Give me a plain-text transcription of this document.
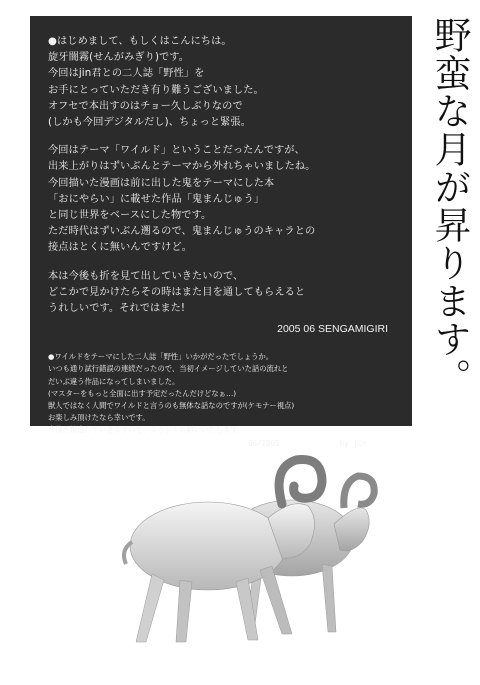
●はじめまして、もしくはこんにちは。

旋牙闇霧(せんがみぎり)です。

今回はjin君との二人誌「野性」を

お手にとっていただき有り難うございました。

オフセで本出すのはチョー久しぶりなので

(しかも今回デジタルだし)、ちょっと緊張。

今回はテーマ「ワイルド」ということだったんですが、

出来上がりはずいぶんとテーマから外れちゃいましたね。

今回描いた漫画は前に出した鬼をテーマにした本

「おにやらい」に載せた作品「鬼まんじゅう」

と同じ世界をベースにした物です。

ただ時代はずいぶん遡るので、鬼まんじゅうのキャラとの

接点はとくに無いんですけど。

本は今後も折を見て出していきたいので、

どこかで見かけたらその時はまた目を通してもらえると

うれしいです。それではまた!

2005 06 SENGAMIGIRI

●ワイルドをテーマにした二人誌「野性」いかがだったでしょうか。

いつも通り試行錯誤の連続だったので、当初イメージしていた話の流れと

だいぶ違う作品になってしまいました。

(マスターをもっと全面に出す予定だったんだけどなぁ…)

獣人ではなく人間でワイルドと言うのも無体な話なのですが(ケモナー視点)

お楽しみ頂けたなら幸いです。

今後も精進していきますので、よろしくお願いいたします。

06/2005	by jin
野蛮な月が昇ります。
